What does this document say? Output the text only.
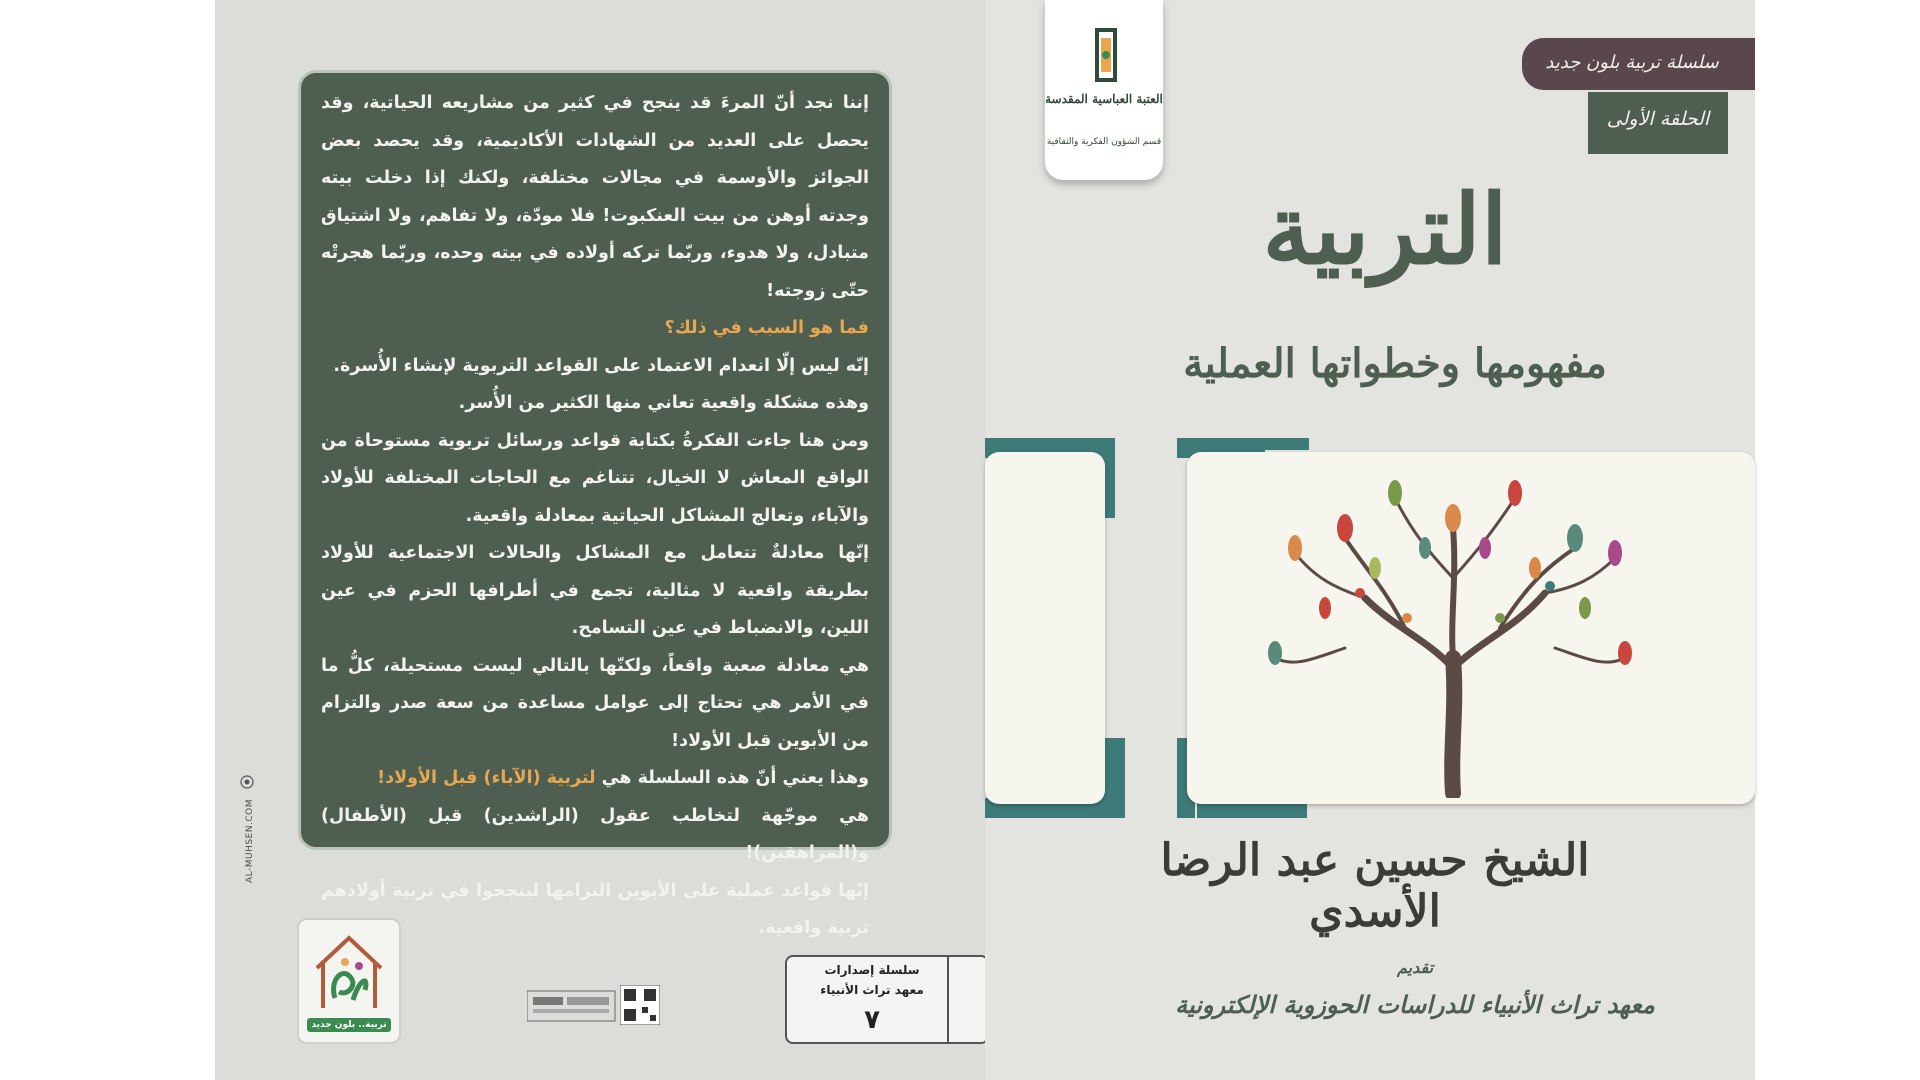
إننا نجد أنّ المرءَ قد ينجح في كثير من مشاريعه الحياتية، وقد يحصل على العديد من الشهادات الأكاديمية، وقد يحصد بعض الجوائز والأوسمة في مجالات مختلفة، ولكنك إذا دخلت بيته وجدته أوهن من بيت العنكبوت! فلا مودّة، ولا تفاهم، ولا اشتياق متبادل، ولا هدوء، وربّما تركه أولاده في بيته وحده، وربّما هجرتْه حتّى زوجته!

فما هو السبب في ذلك؟

إنّه ليس إلّا انعدام الاعتماد على القواعد التربوية لإنشاء الأُسرة.

وهذه مشكلة واقعية تعاني منها الكثير من الأُسر.

ومن هنا جاءت الفكرةُ بكتابة قواعد ورسائل تربوية مستوحاة من الواقع المعاش لا الخيال، تتناغم مع الحاجات المختلفة للأولاد والآباء، وتعالج المشاكل الحياتية بمعادلة واقعية.

إنّها معادلةٌ تتعامل مع المشاكل والحالات الاجتماعية للأولاد بطريقة واقعية لا مثالية، تجمع في أطرافها الحزم في عين اللين، والانضباط في عين التسامح.

هي معادلة صعبة واقعاً، ولكنّها بالتالي ليست مستحيلة، كلُّ ما في الأمر هي تحتاج إلى عوامل مساعدة من سعة صدر والتزام من الأبوين قبل الأولاد!

وهذا يعني أنّ هذه السلسلة هي لتربية (الآباء) قبل الأولاد!

هي موجّهة لتخاطب عقول (الراشدين) قبل (الأطفال) و(المراهقين)!

إنّها قواعد عملية على الأبوين التزامها لينجحوا في تربية أولادهم تربية واقعية.

AL-MUHSEN.COM
تربية.. بلون جديد
سلسلة إصدارات
معهد تراث الأنبياء
٧
العتبة العباسية المقدسة
قسم الشؤون الفكرية والثقافية
سلسلة تربية بلون جديد
الحلقة الأولى
التربية
مفهومها وخطواتها العملية
الشيخ حسين عبد الرضا الأسدي
تقديم
معهد تراث الأنبياء للدراسات الحوزوية الإلكترونية
